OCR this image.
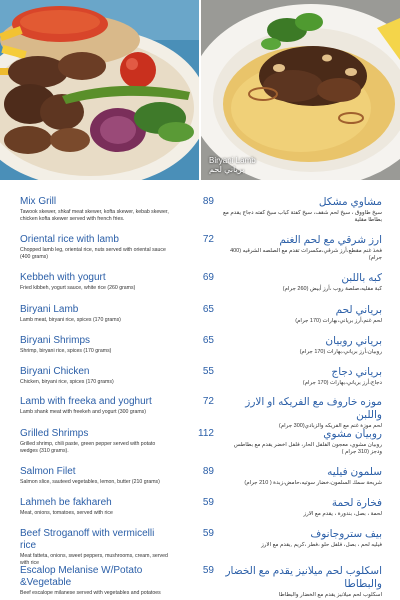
Biryani Lamb
برياني لحم
Mix Grill
Tawook skewer, shkaf meat skewer, kofta skewer, kebab skewer, chicken kofta skewer served with french fries.
89	مشاوي مشكل
سيخ طاووق ، سيخ لحم شقف، سيخ كفتة كباب سيخ كفته دجاج يقدم مع بطاطا مقلية
Oriental rice with lamb
Chopped lamb leg, oriental rice, nuts served with oriental sauce (400 grams)
72	ارز شرقي مع لحم الغنم
فخذ غنم مقطع،أرز شرقي،مكسرات تقدم مع الصلصه الشرقيه (400 جرام)
Kebbeh with yogurt
Fried kibbeh, yogurt sauce, white rice (260 grams)
69	كبه باللبن
كبة مقليه،صلصة روب ،أرز أبيض (260 جرام)
Biryani Lamb
Lamb meat, biryani rice, spices (170 grams)
65	برياني لحم
لحم غنم،أرز برياني،بهارات (170 جرام)
Biryani Shrimps
Shrimp, biryani rice, spices (170 grams)
65	برياني روبيان
روبيان،أرز برياني،بهارات (170 جرام)
Biryani Chicken
Chicken, biryani rice, spices (170 grams)
55	برياني دجاج
دجاج،أرز برياني،بهارات (170 جرام)
Lamb with freeka and yoghurt
Lamb shank meat with freekeh and yogurt (300 grams)
72	موزه خاروف مع الفريكه او الارز واللبن
لحم موزة غنم مع الفريكه والزبادي(300 جرام)
Grilled Shrimps
Grilled shrimp, chili paste, green pepper served with potato wedges (310 grams).
112	روبيان مشوي
روبيان مشوي، معجون الفلفل الحار، فلفل اخضر يقدم مع بطاطس ودجز (310 جرام )
Salmon Filet
Salmon slice, sauteed vegetables, lemon, butter (210 grams)
89	سلمون فيليه
شريحة سمك السلمون،خضار سوتيه،حامض،زبدة ( 210 جرام)
Lahmeh be fakhareh
Meat, onions, tomatoes, served with rice
59	فخارة لحمة
لحمة ، بصل، بندورة ، يقدم مع الارز
Beef Stroganoff with vermicelli rice
Meat fatteta, onions, sweet peppers, mushrooms, cream, served with rice
59	بيف ستروجانوف
فيليه لحم ، بصل، فلفل حلو ،فطر ،كريم ,يقدم مع الارز
Escalop Melanise W/Potato &Vegetable
Beef escalope milanese served with vegetables and potatoes
59	اسكلوب لحم ميلانيز يقدم مع الخضار والبطاطا
اسكلوب لحم ميلانيز يقدم مع الخضار والبطاطا
